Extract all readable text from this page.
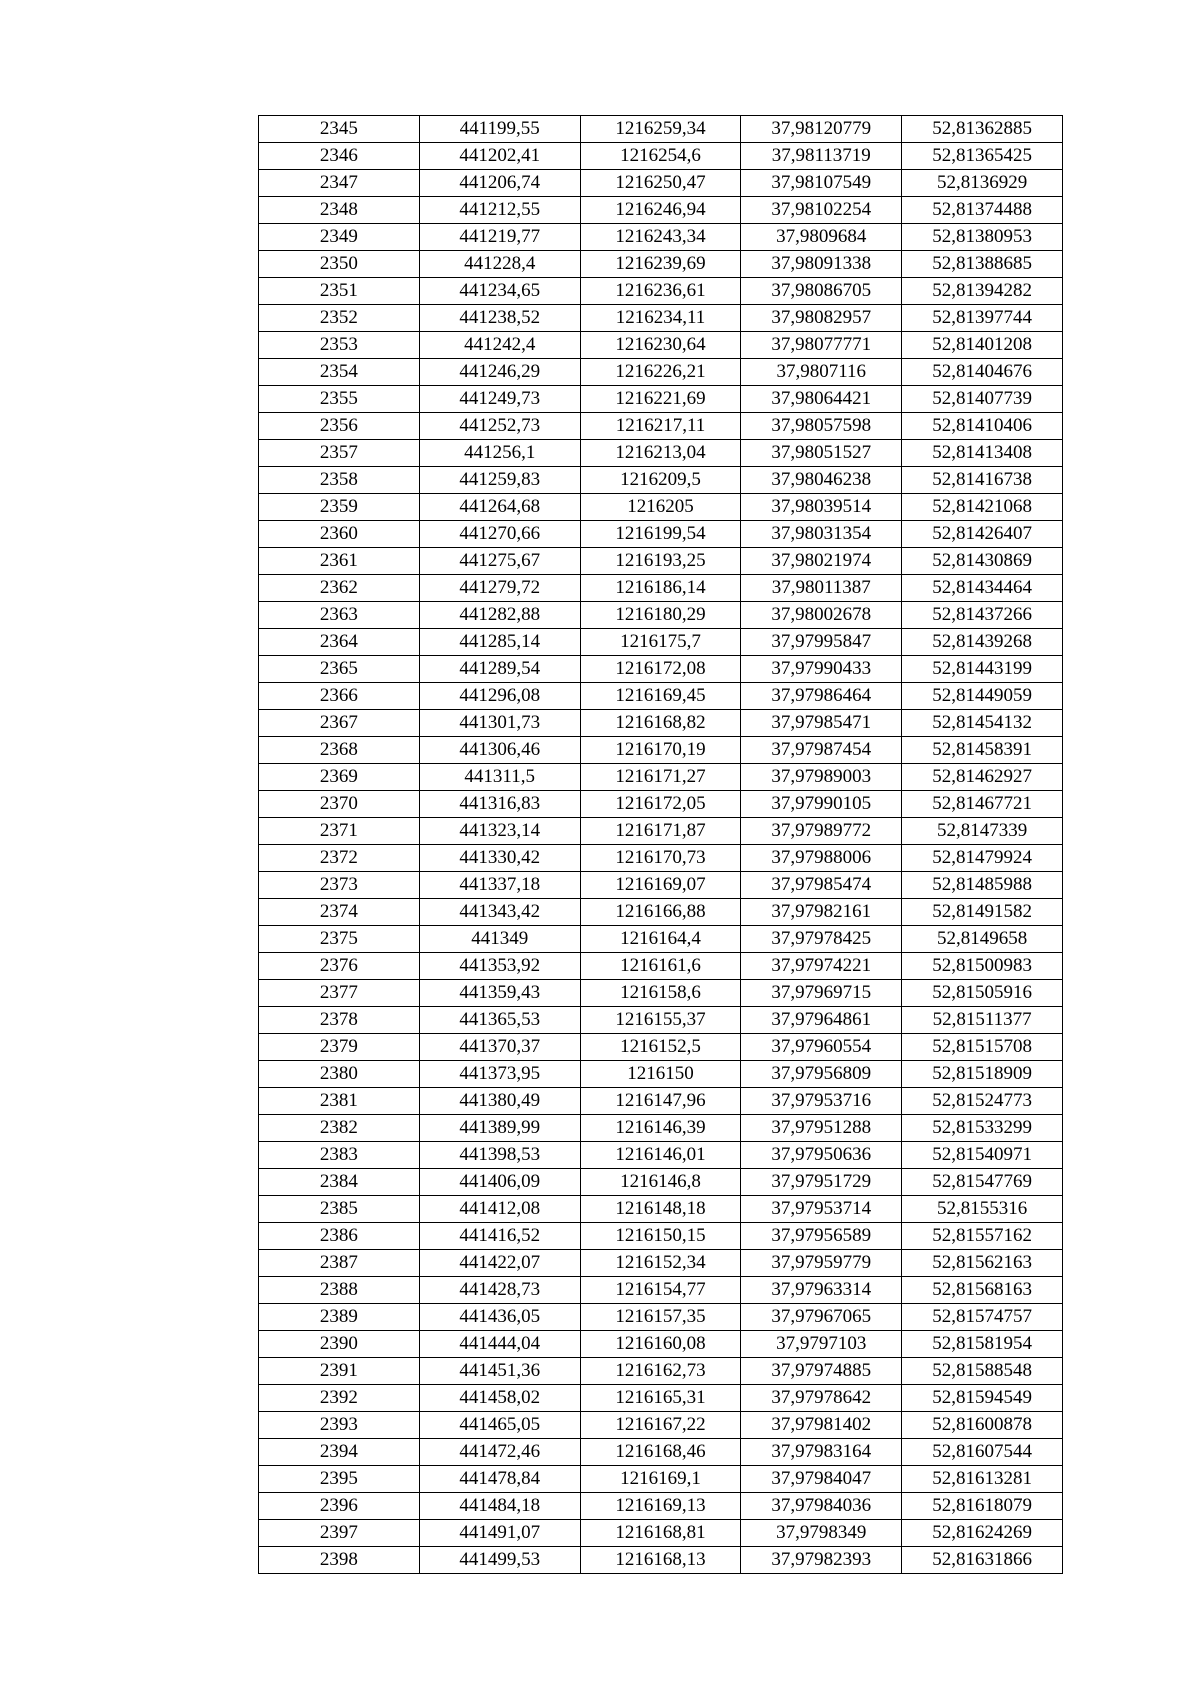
2345	441199,55	1216259,34	37,98120779	52,81362885
2346	441202,41	1216254,6	37,98113719	52,81365425
2347	441206,74	1216250,47	37,98107549	52,8136929
2348	441212,55	1216246,94	37,98102254	52,81374488
2349	441219,77	1216243,34	37,9809684	52,81380953
2350	441228,4	1216239,69	37,98091338	52,81388685
2351	441234,65	1216236,61	37,98086705	52,81394282
2352	441238,52	1216234,11	37,98082957	52,81397744
2353	441242,4	1216230,64	37,98077771	52,81401208
2354	441246,29	1216226,21	37,9807116	52,81404676
2355	441249,73	1216221,69	37,98064421	52,81407739
2356	441252,73	1216217,11	37,98057598	52,81410406
2357	441256,1	1216213,04	37,98051527	52,81413408
2358	441259,83	1216209,5	37,98046238	52,81416738
2359	441264,68	1216205	37,98039514	52,81421068
2360	441270,66	1216199,54	37,98031354	52,81426407
2361	441275,67	1216193,25	37,98021974	52,81430869
2362	441279,72	1216186,14	37,98011387	52,81434464
2363	441282,88	1216180,29	37,98002678	52,81437266
2364	441285,14	1216175,7	37,97995847	52,81439268
2365	441289,54	1216172,08	37,97990433	52,81443199
2366	441296,08	1216169,45	37,97986464	52,81449059
2367	441301,73	1216168,82	37,97985471	52,81454132
2368	441306,46	1216170,19	37,97987454	52,81458391
2369	441311,5	1216171,27	37,97989003	52,81462927
2370	441316,83	1216172,05	37,97990105	52,81467721
2371	441323,14	1216171,87	37,97989772	52,8147339
2372	441330,42	1216170,73	37,97988006	52,81479924
2373	441337,18	1216169,07	37,97985474	52,81485988
2374	441343,42	1216166,88	37,97982161	52,81491582
2375	441349	1216164,4	37,97978425	52,8149658
2376	441353,92	1216161,6	37,97974221	52,81500983
2377	441359,43	1216158,6	37,97969715	52,81505916
2378	441365,53	1216155,37	37,97964861	52,81511377
2379	441370,37	1216152,5	37,97960554	52,81515708
2380	441373,95	1216150	37,97956809	52,81518909
2381	441380,49	1216147,96	37,97953716	52,81524773
2382	441389,99	1216146,39	37,97951288	52,81533299
2383	441398,53	1216146,01	37,97950636	52,81540971
2384	441406,09	1216146,8	37,97951729	52,81547769
2385	441412,08	1216148,18	37,97953714	52,8155316
2386	441416,52	1216150,15	37,97956589	52,81557162
2387	441422,07	1216152,34	37,97959779	52,81562163
2388	441428,73	1216154,77	37,97963314	52,81568163
2389	441436,05	1216157,35	37,97967065	52,81574757
2390	441444,04	1216160,08	37,9797103	52,81581954
2391	441451,36	1216162,73	37,97974885	52,81588548
2392	441458,02	1216165,31	37,97978642	52,81594549
2393	441465,05	1216167,22	37,97981402	52,81600878
2394	441472,46	1216168,46	37,97983164	52,81607544
2395	441478,84	1216169,1	37,97984047	52,81613281
2396	441484,18	1216169,13	37,97984036	52,81618079
2397	441491,07	1216168,81	37,9798349	52,81624269
2398	441499,53	1216168,13	37,97982393	52,81631866
